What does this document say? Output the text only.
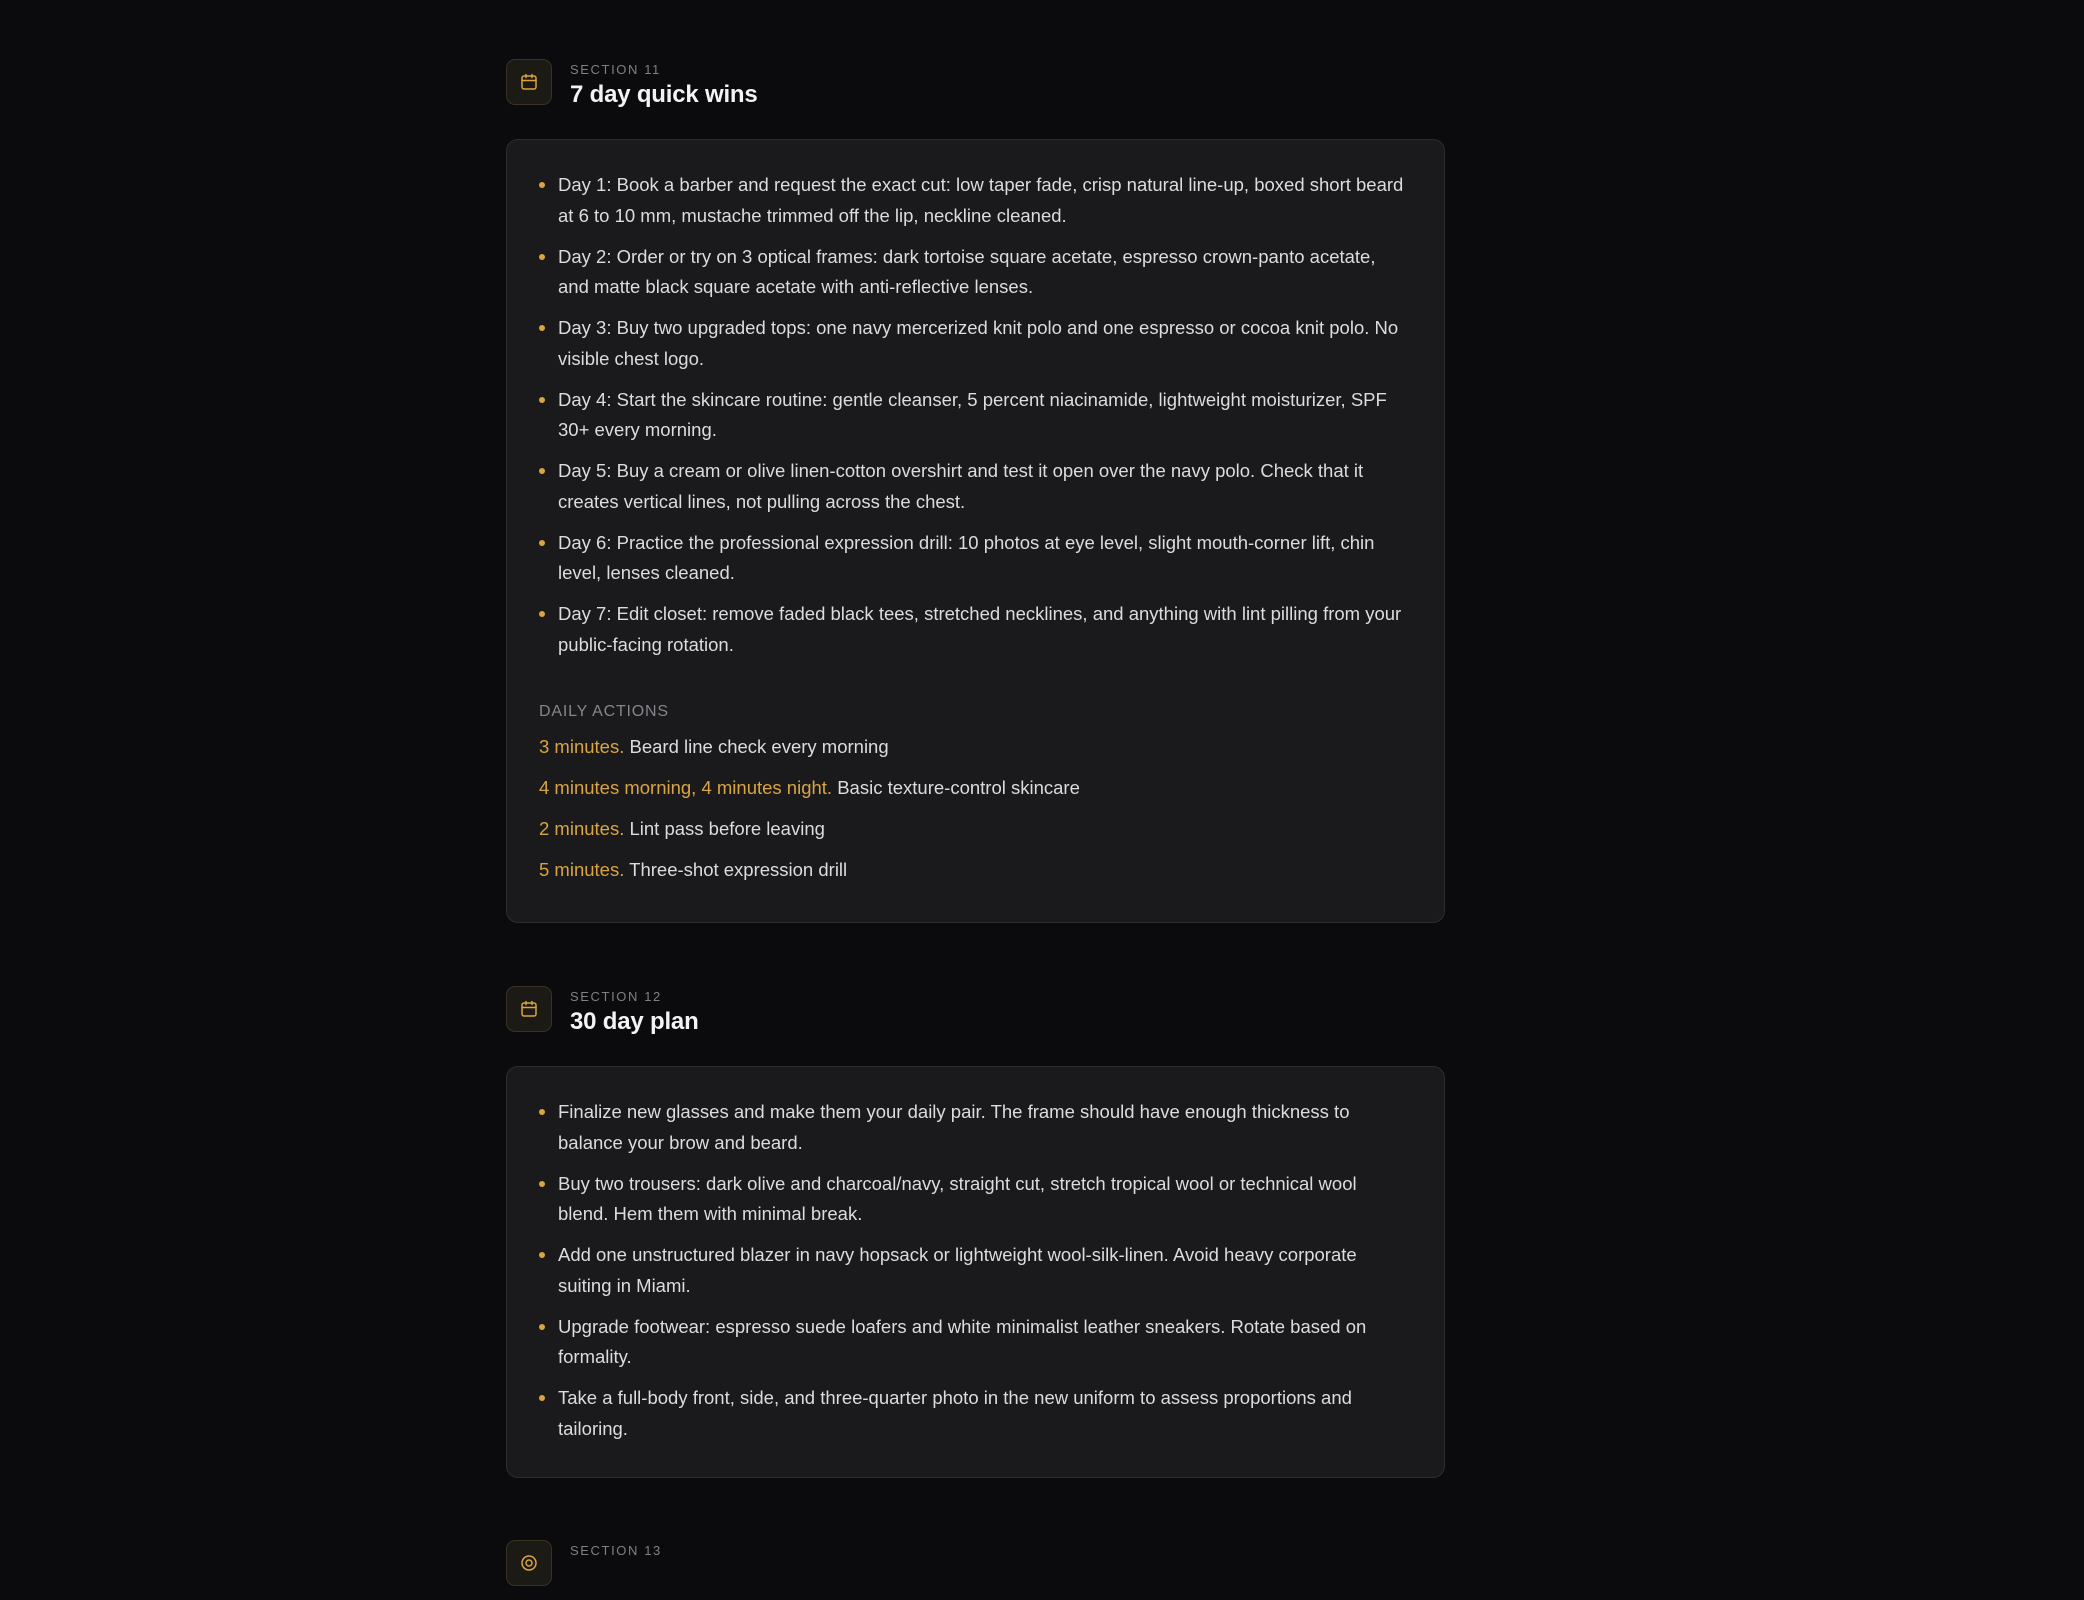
SECTION 11
7 day quick wins
Day 1: Book a barber and request the exact cut: low taper fade, crisp natural line-up, boxed short beard at 6 to 10 mm, mustache trimmed off the lip, neckline cleaned.
Day 2: Order or try on 3 optical frames: dark tortoise square acetate, espresso crown-panto acetate, and matte black square acetate with anti-reflective lenses.
Day 3: Buy two upgraded tops: one navy mercerized knit polo and one espresso or cocoa knit polo. No visible chest logo.
Day 4: Start the skincare routine: gentle cleanser, 5 percent niacinamide, lightweight moisturizer, SPF 30+ every morning.
Day 5: Buy a cream or olive linen-cotton overshirt and test it open over the navy polo. Check that it creates vertical lines, not pulling across the chest.
Day 6: Practice the professional expression drill: 10 photos at eye level, slight mouth-corner lift, chin level, lenses cleaned.
Day 7: Edit closet: remove faded black tees, stretched necklines, and anything with lint pilling from your public-facing rotation.
DAILY ACTIONS
3 minutes. Beard line check every morning
4 minutes morning, 4 minutes night. Basic texture-control skincare
2 minutes. Lint pass before leaving
5 minutes. Three-shot expression drill
SECTION 12
30 day plan
Finalize new glasses and make them your daily pair. The frame should have enough thickness to balance your brow and beard.
Buy two trousers: dark olive and charcoal/navy, straight cut, stretch tropical wool or technical wool blend. Hem them with minimal break.
Add one unstructured blazer in navy hopsack or lightweight wool-silk-linen. Avoid heavy corporate suiting in Miami.
Upgrade footwear: espresso suede loafers and white minimalist leather sneakers. Rotate based on formality.
Take a full-body front, side, and three-quarter photo in the new uniform to assess proportions and tailoring.
SECTION 13
